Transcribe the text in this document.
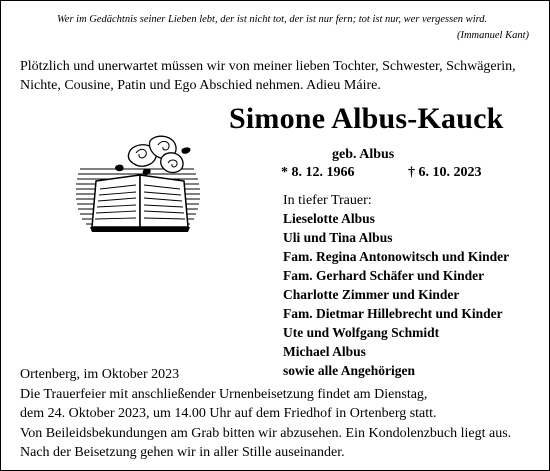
Wer im Gedächtnis seiner Lieben lebt, der ist nicht tot, der ist nur fern; tot ist nur, wer vergessen wird.

(Immanuel Kant)

Plötzlich und unerwartet müssen wir von meiner lieben Tochter, Schwester, Schwägerin,

Nichte, Cousine, Patin und Ego Abschied nehmen. Adieu Máire.

Simone Albus-Kauck

geb. Albus

* 8. 12. 1966	† 6. 10. 2023

In tiefer Trauer:

Lieselotte Albus

Uli und Tina Albus

Fam. Regina Antonowitsch und Kinder

Fam. Gerhard Schäfer und Kinder

Charlotte Zimmer und Kinder

Fam. Dietmar Hillebrecht und Kinder

Ute und Wolfgang Schmidt

Michael Albus

sowie alle Angehörigen

Ortenberg, im Oktober 2023

Die Trauerfeier mit anschließender Urnenbeisetzung findet am Dienstag,

dem 24. Oktober 2023, um 14.00 Uhr auf dem Friedhof in Ortenberg statt.

Von Beileidsbekundungen am Grab bitten wir abzusehen. Ein Kondolenzbuch liegt aus.

Nach der Beisetzung gehen wir in aller Stille auseinander.
